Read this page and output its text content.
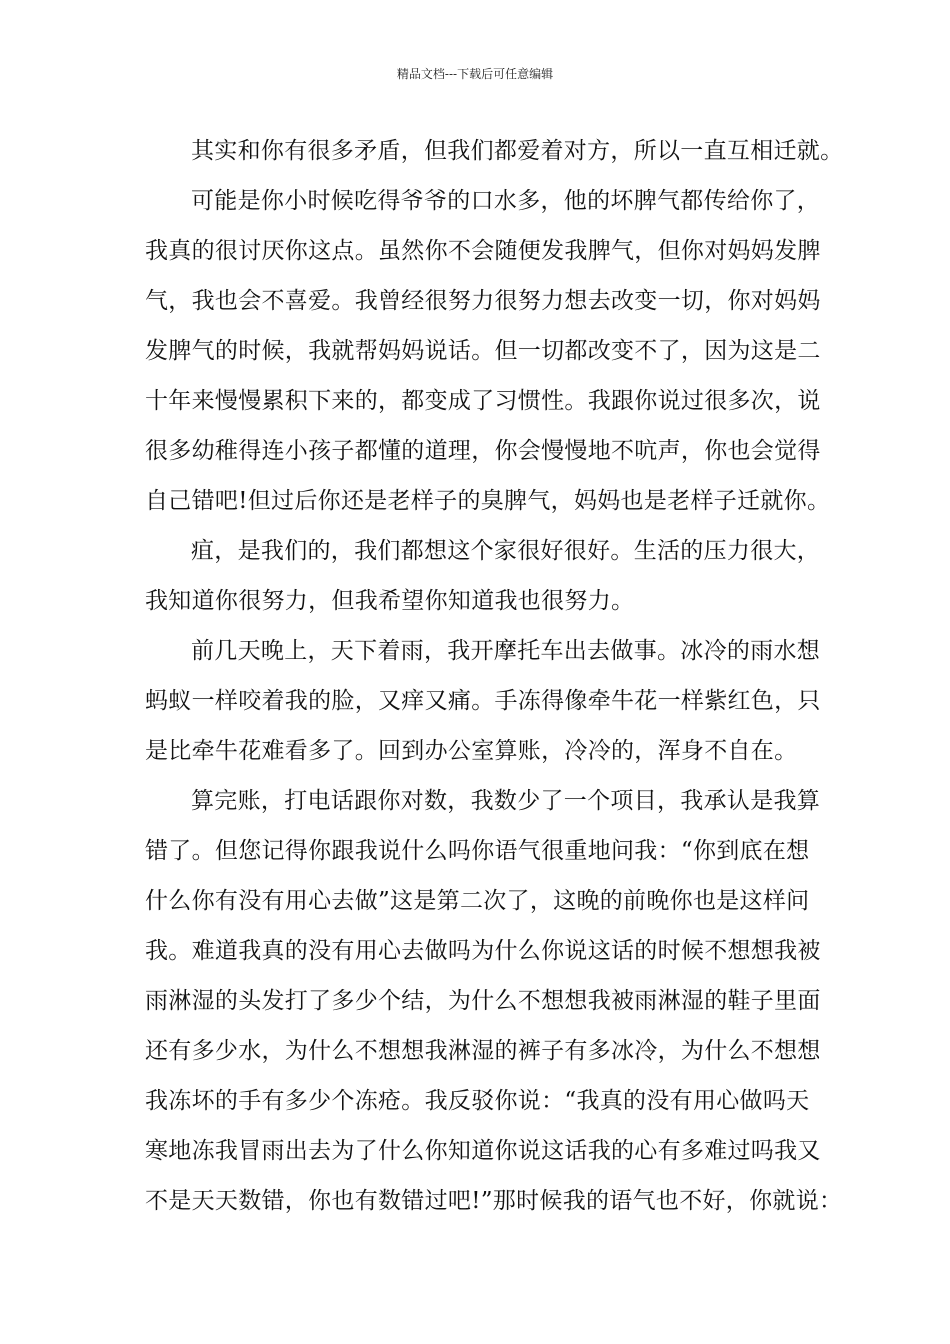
精品文档---下载后可任意编辑
其实和你有很多矛盾，但我们都爱着对方，所以一直互相迁就。
可能是你小时候吃得爷爷的口水多，他的坏脾气都传给你了，
我真的很讨厌你这点。虽然你不会随便发我脾气，但你对妈妈发脾
气，我也会不喜爱。我曾经很努力很努力想去改变一切，你对妈妈
发脾气的时候，我就帮妈妈说话。但一切都改变不了，因为这是二
十年来慢慢累积下来的，都变成了习惯性。我跟你说过很多次，说
很多幼稚得连小孩子都懂的道理，你会慢慢地不吭声，你也会觉得
自己错吧!但过后你还是老样子的臭脾气，妈妈也是老样子迁就你。
疽，是我们的，我们都想这个家很好很好。生活的压力很大，
我知道你很努力，但我希望你知道我也很努力。
前几天晚上，天下着雨，我开摩托车出去做事。冰冷的雨水想
蚂蚁一样咬着我的脸，又痒又痛。手冻得像牵牛花一样紫红色，只
是比牵牛花难看多了。回到办公室算账，冷冷的，浑身不自在。
算完账，打电话跟你对数，我数少了一个项目，我承认是我算
错了。但您记得你跟我说什么吗你语气很重地问我：“你到底在想
什么你有没有用心去做”这是第二次了，这晚的前晚你也是这样问
我。难道我真的没有用心去做吗为什么你说这话的时候不想想我被
雨淋湿的头发打了多少个结，为什么不想想我被雨淋湿的鞋子里面
还有多少水，为什么不想想我淋湿的裤子有多冰冷，为什么不想想
我冻坏的手有多少个冻疮。我反驳你说：“我真的没有用心做吗天
寒地冻我冒雨出去为了什么你知道你说这话我的心有多难过吗我又
不是天天数错，你也有数错过吧!”那时候我的语气也不好，你就说：
